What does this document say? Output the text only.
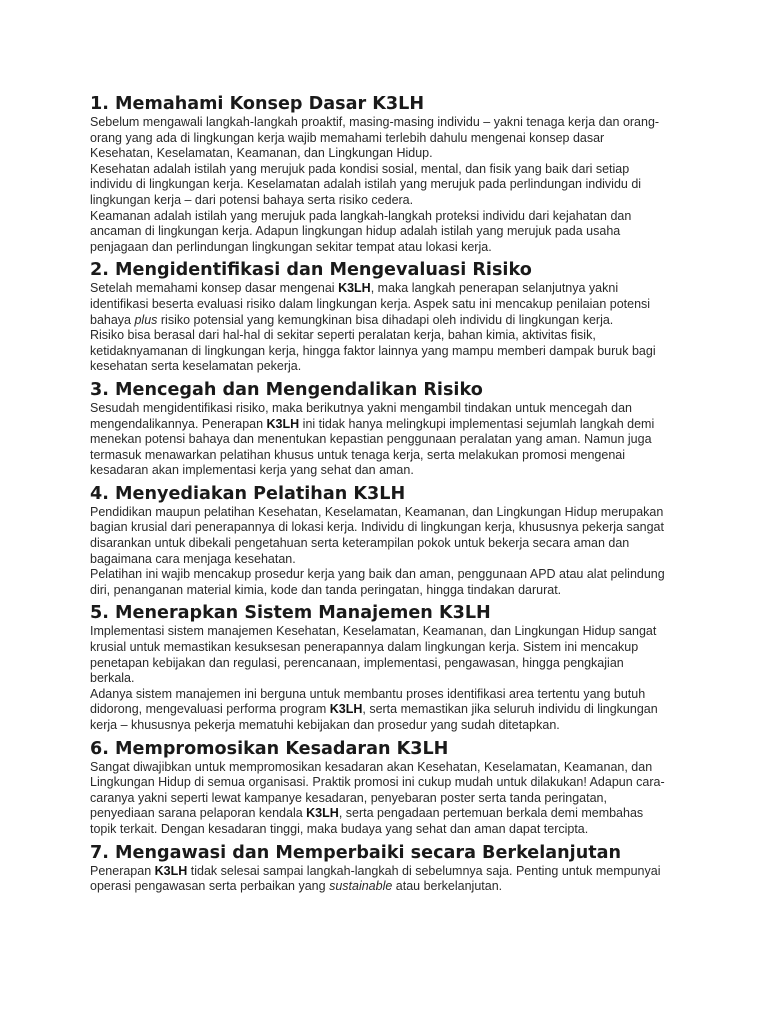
1. Memahami Konsep Dasar K3LH

Sebelum mengawali langkah-langkah proaktif, masing-masing individu – yakni tenaga kerja dan orang-orang yang ada di lingkungan kerja wajib memahami terlebih dahulu mengenai konsep dasar Kesehatan, Keselamatan, Keamanan, dan Lingkungan Hidup.

Kesehatan adalah istilah yang merujuk pada kondisi sosial, mental, dan fisik yang baik dari setiap individu di lingkungan kerja. Keselamatan adalah istilah yang merujuk pada perlindungan individu di lingkungan kerja – dari potensi bahaya serta risiko cedera.

Keamanan adalah istilah yang merujuk pada langkah-langkah proteksi individu dari kejahatan dan ancaman di lingkungan kerja. Adapun lingkungan hidup adalah istilah yang merujuk pada usaha penjagaan dan perlindungan lingkungan sekitar tempat atau lokasi kerja.

2. Mengidentifikasi dan Mengevaluasi Risiko

Setelah memahami konsep dasar mengenai K3LH, maka langkah penerapan selanjutnya yakni identifikasi beserta evaluasi risiko dalam lingkungan kerja. Aspek satu ini mencakup penilaian potensi bahaya plus risiko potensial yang kemungkinan bisa dihadapi oleh individu di lingkungan kerja.

Risiko bisa berasal dari hal-hal di sekitar seperti peralatan kerja, bahan kimia, aktivitas fisik, ketidaknyamanan di lingkungan kerja, hingga faktor lainnya yang mampu memberi dampak buruk bagi kesehatan serta keselamatan pekerja.

3. Mencegah dan Mengendalikan Risiko

Sesudah mengidentifikasi risiko, maka berikutnya yakni mengambil tindakan untuk mencegah dan mengendalikannya. Penerapan K3LH ini tidak hanya melingkupi implementasi sejumlah langkah demi menekan potensi bahaya dan menentukan kepastian penggunaan peralatan yang aman. Namun juga termasuk menawarkan pelatihan khusus untuk tenaga kerja, serta melakukan promosi mengenai kesadaran akan implementasi kerja yang sehat dan aman.

4. Menyediakan Pelatihan K3LH

Pendidikan maupun pelatihan Kesehatan, Keselamatan, Keamanan, dan Lingkungan Hidup merupakan bagian krusial dari penerapannya di lokasi kerja. Individu di lingkungan kerja, khususnya pekerja sangat disarankan untuk dibekali pengetahuan serta keterampilan pokok untuk bekerja secara aman dan bagaimana cara menjaga kesehatan.

Pelatihan ini wajib mencakup prosedur kerja yang baik dan aman, penggunaan APD atau alat pelindung diri, penanganan material kimia, kode dan tanda peringatan, hingga tindakan darurat.

5. Menerapkan Sistem Manajemen K3LH

Implementasi sistem manajemen Kesehatan, Keselamatan, Keamanan, dan Lingkungan Hidup sangat krusial untuk memastikan kesuksesan penerapannya dalam lingkungan kerja. Sistem ini mencakup penetapan kebijakan dan regulasi, perencanaan, implementasi, pengawasan, hingga pengkajian berkala.

Adanya sistem manajemen ini berguna untuk membantu proses identifikasi area tertentu yang butuh didorong, mengevaluasi performa program K3LH, serta memastikan jika seluruh individu di lingkungan kerja – khususnya pekerja mematuhi kebijakan dan prosedur yang sudah ditetapkan.

6. Mempromosikan Kesadaran K3LH

Sangat diwajibkan untuk mempromosikan kesadaran akan Kesehatan, Keselamatan, Keamanan, dan Lingkungan Hidup di semua organisasi. Praktik promosi ini cukup mudah untuk dilakukan! Adapun cara-caranya yakni seperti lewat kampanye kesadaran, penyebaran poster serta tanda peringatan, penyediaan sarana pelaporan kendala K3LH, serta pengadaan pertemuan berkala demi membahas topik terkait. Dengan kesadaran tinggi, maka budaya yang sehat dan aman dapat tercipta.

7. Mengawasi dan Memperbaiki secara Berkelanjutan

Penerapan K3LH tidak selesai sampai langkah-langkah di sebelumnya saja. Penting untuk mempunyai operasi pengawasan serta perbaikan yang sustainable atau berkelanjutan.
